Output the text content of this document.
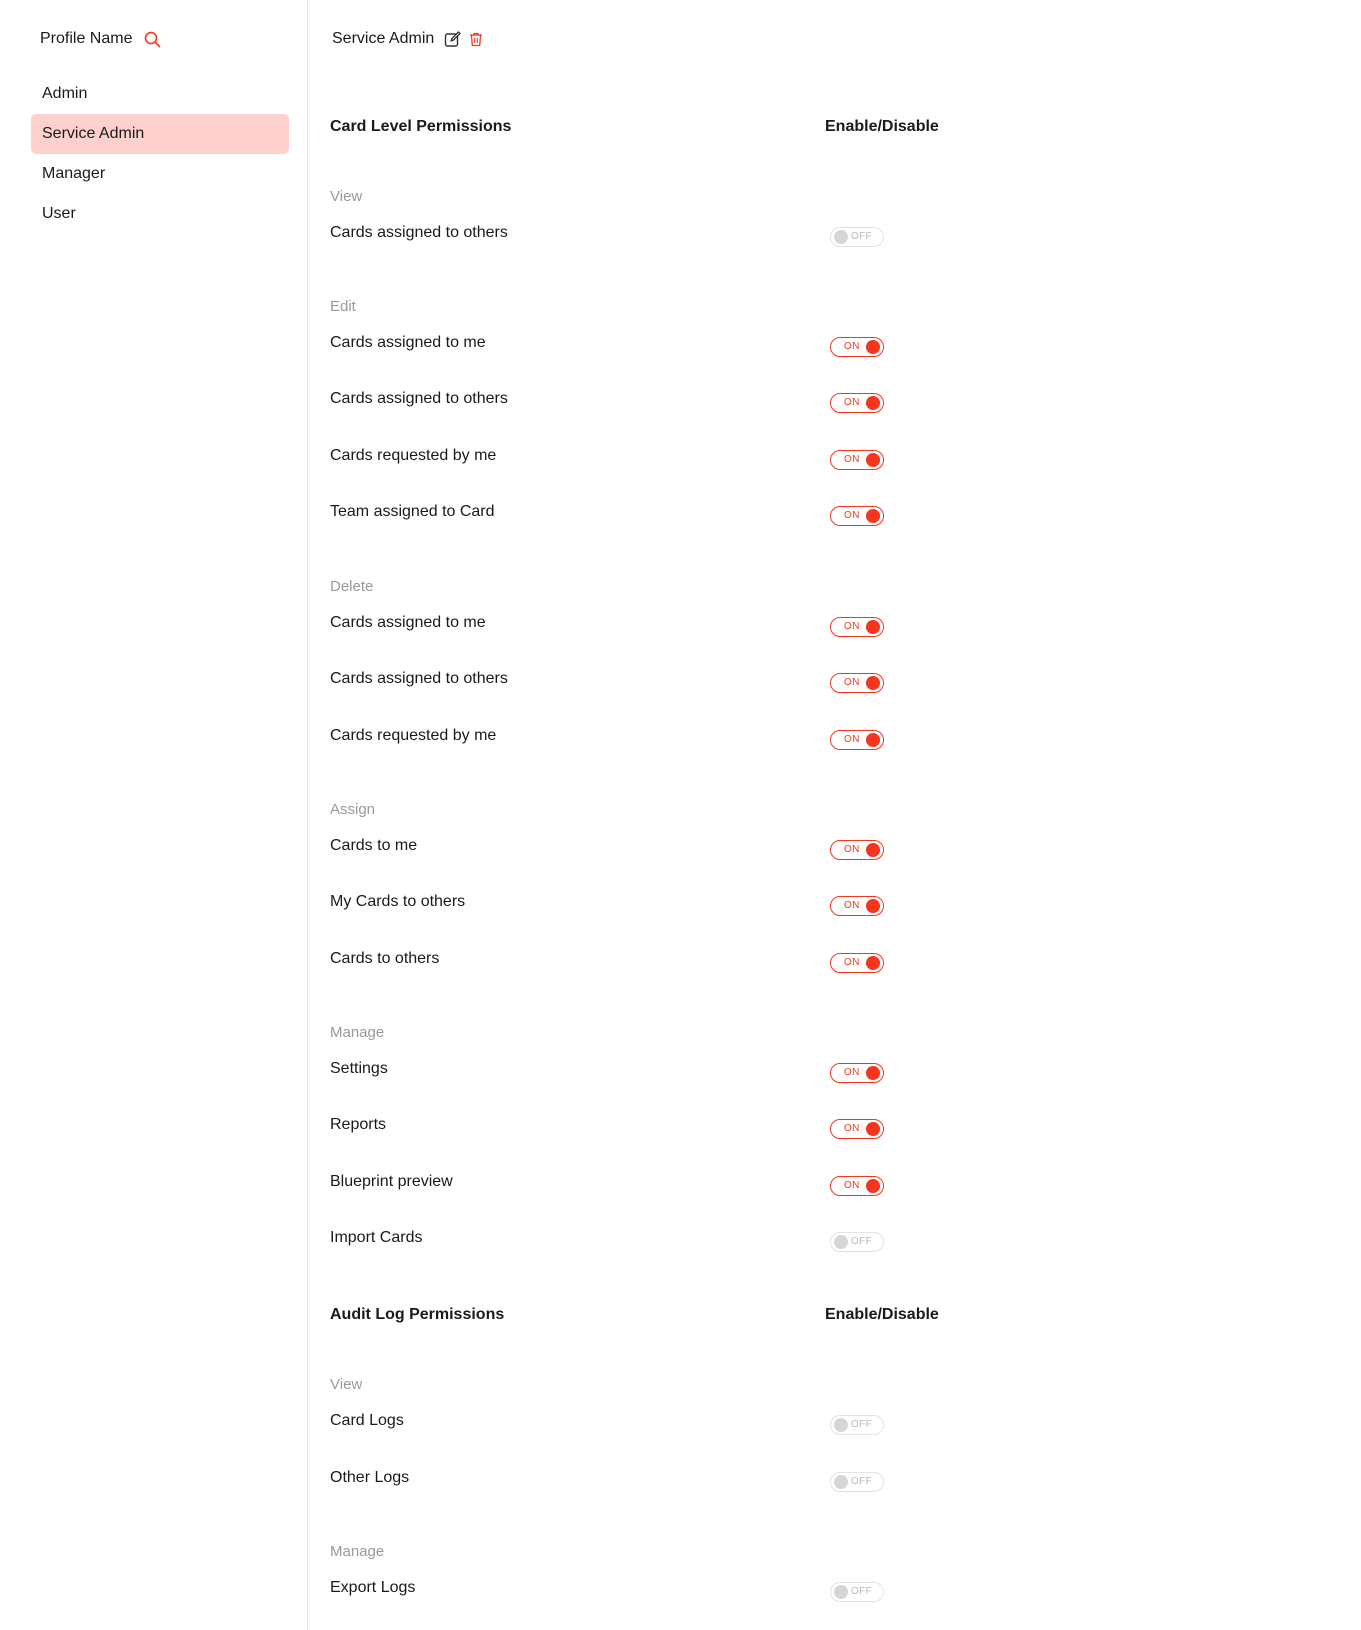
Profile Name
Admin
Service Admin
Manager
User
Service Admin
Card Level Permissions	Enable/Disable
View
Cards assigned to others	OFF
Edit
Cards assigned to me	ON
Cards assigned to others	ON
Cards requested by me	ON
Team assigned to Card	ON
Delete
Cards assigned to me	ON
Cards assigned to others	ON
Cards requested by me	ON
Assign
Cards to me	ON
My Cards to others	ON
Cards to others	ON
Manage
Settings	ON
Reports	ON
Blueprint preview	ON
Import Cards	OFF
Audit Log Permissions	Enable/Disable
View
Card Logs	OFF
Other Logs	OFF
Manage
Export Logs	OFF
